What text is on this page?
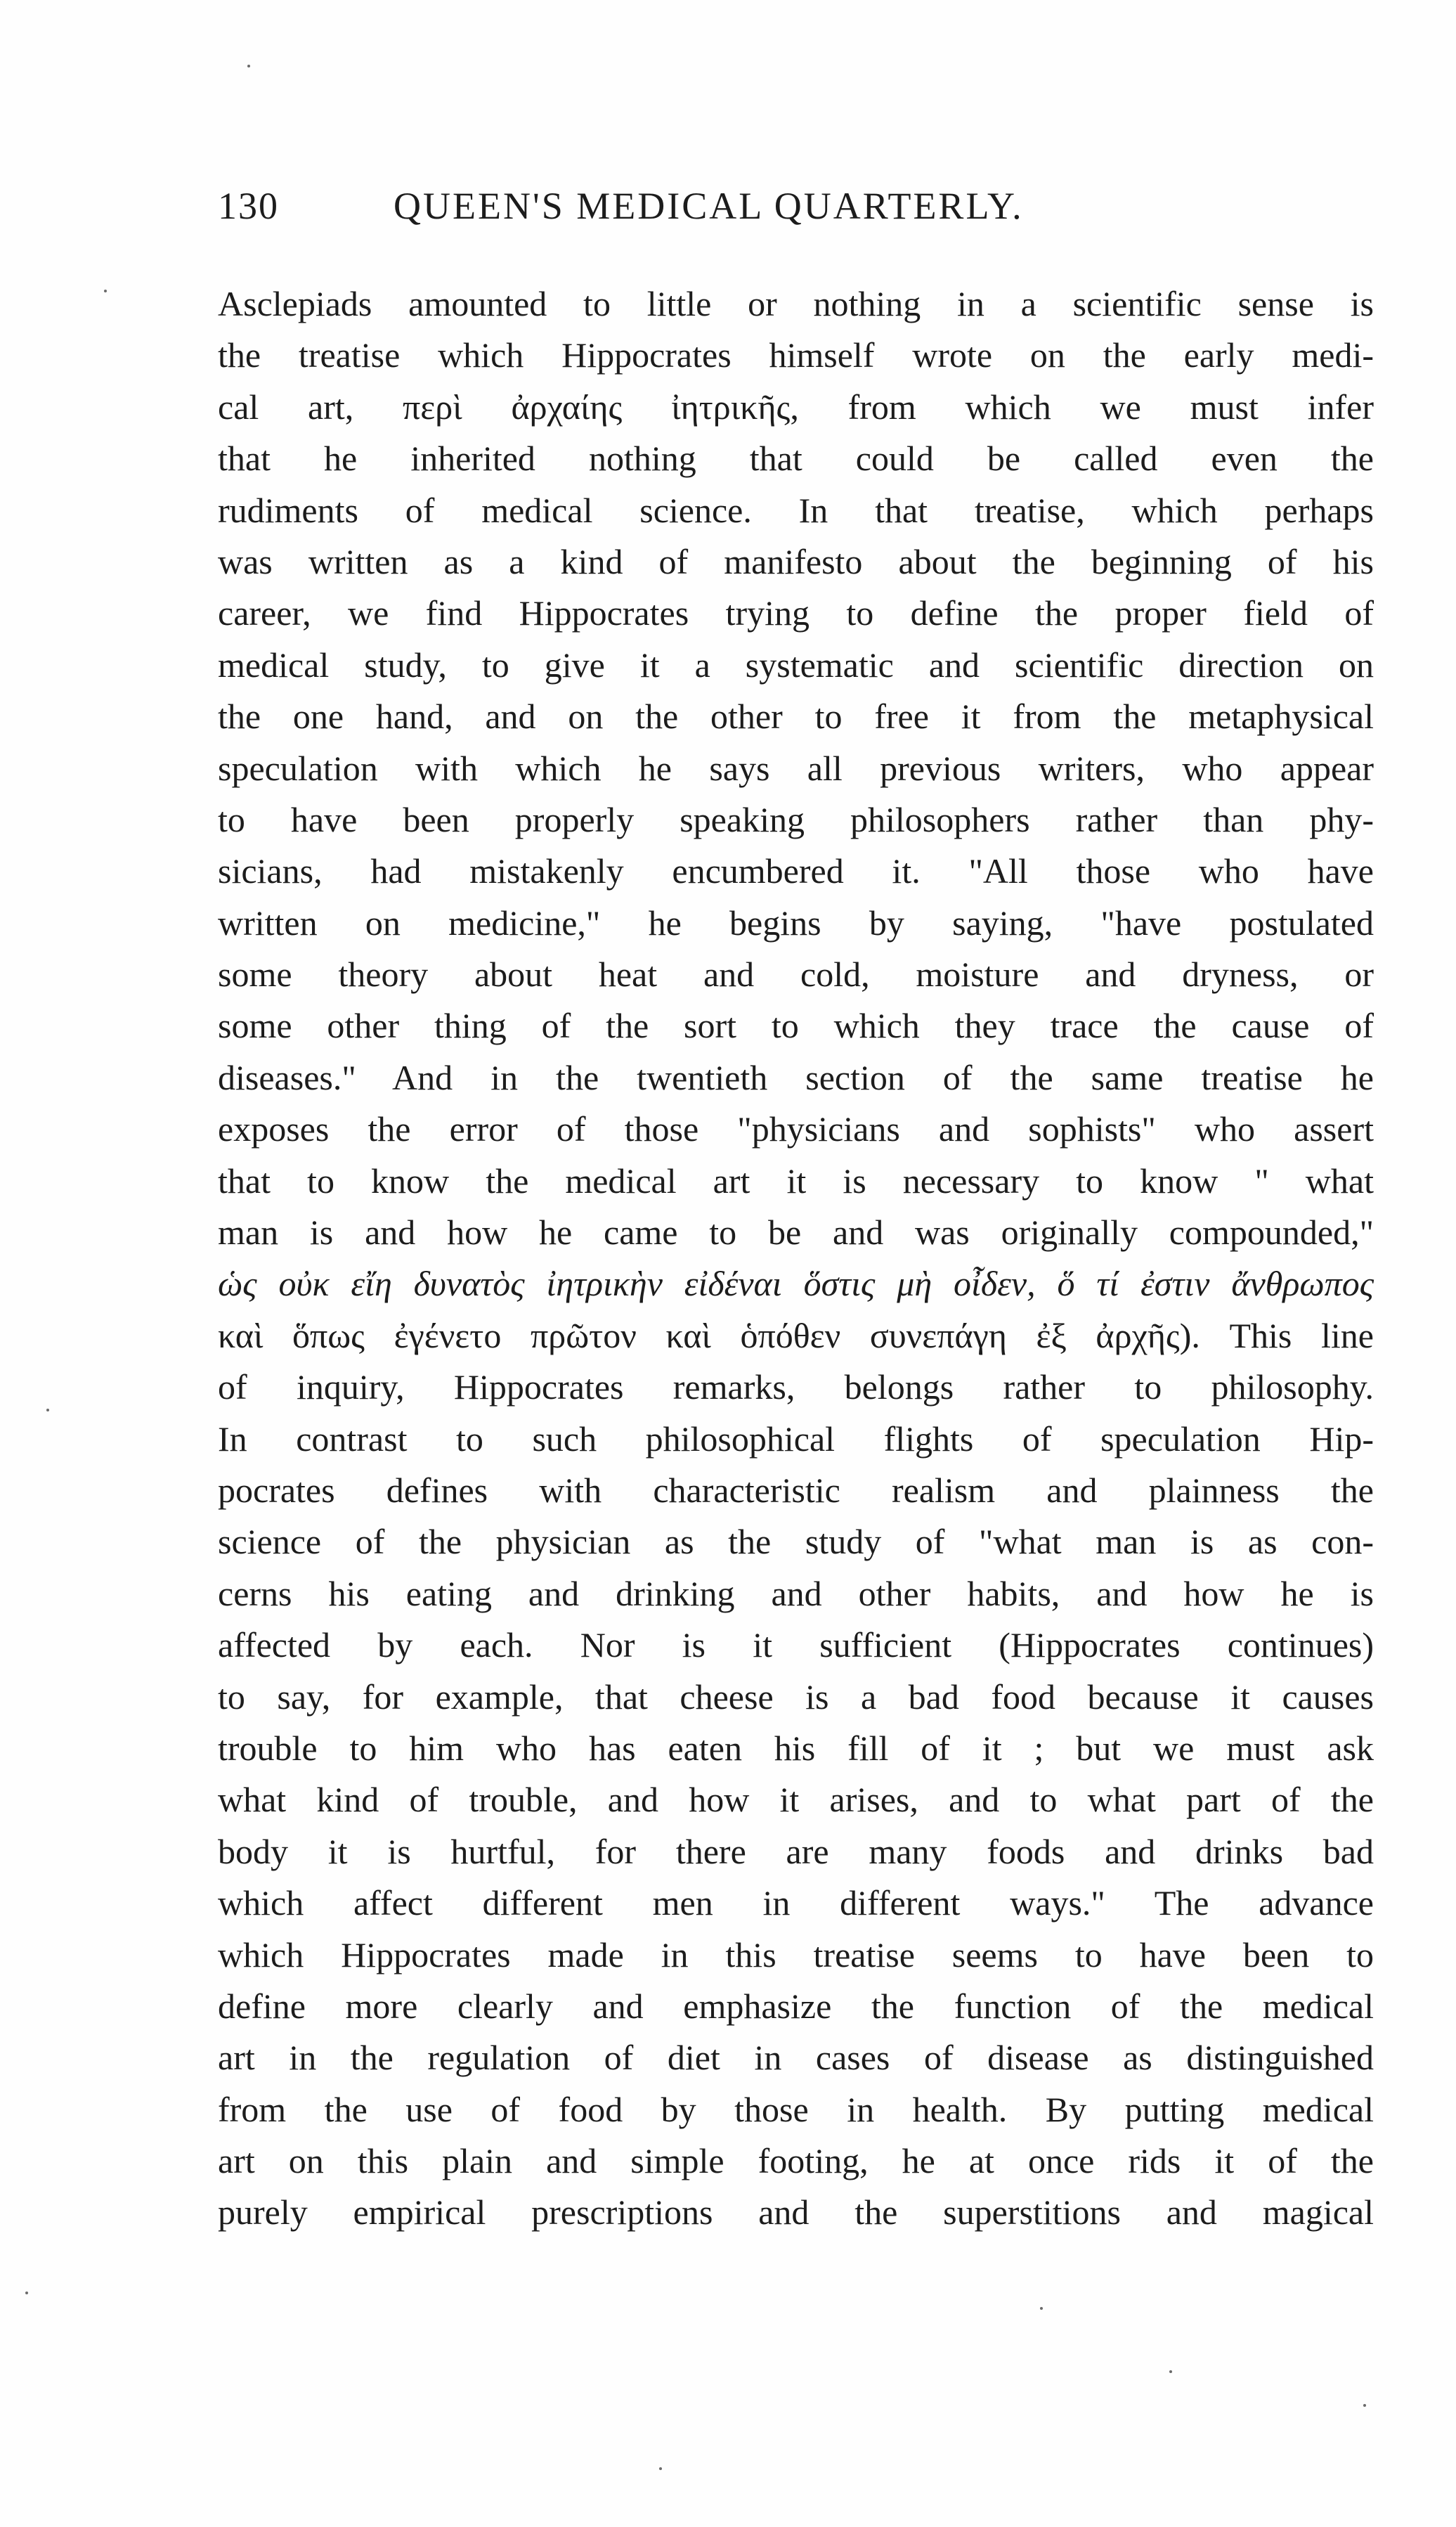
130	QUEEN'S MEDICAL QUARTERLY.
Asclepiads amounted to little or nothing in a scientific sense is
the treatise which Hippocrates himself wrote on the early medi-
cal art, περὶ ἀρχαίης ἰητρικῆς, from which we must infer
that he inherited nothing that could be called even the
rudiments of medical science. In that treatise, which perhaps
was written as a kind of manifesto about the beginning of his
career, we find Hippocrates trying to define the proper field of
medical study, to give it a systematic and scientific direction on
the one hand, and on the other to free it from the metaphysical
speculation with which he says all previous writers, who appear
to have been properly speaking philosophers rather than phy-
sicians, had mistakenly encumbered it. "All those who have
written on medicine," he begins by saying, "have postulated
some theory about heat and cold, moisture and dryness, or
some other thing of the sort to which they trace the cause of
diseases." And in the twentieth section of the same treatise he
exposes the error of those "physicians and sophists" who assert
that to know the medical art it is necessary to know " what
man is and how he came to be and was originally compounded,"
ὡς οὐκ εἴη δυνατὸς ἰητρικὴν εἰδέναι ὅστις μὴ οἶδεν, ὅ τί ἐστιν ἄνθρωπος
καὶ ὅπως ἐγένετο πρῶτον καὶ ὁπόθεν συνεπάγη ἐξ ἀρχῆς). This line
of inquiry, Hippocrates remarks, belongs rather to philosophy.
In contrast to such philosophical flights of speculation Hip-
pocrates defines with characteristic realism and plainness the
science of the physician as the study of "what man is as con-
cerns his eating and drinking and other habits, and how he is
affected by each. Nor is it sufficient (Hippocrates continues)
to say, for example, that cheese is a bad food because it causes
trouble to him who has eaten his fill of it ; but we must ask
what kind of trouble, and how it arises, and to what part of the
body it is hurtful, for there are many foods and drinks bad
which affect different men in different ways." The advance
which Hippocrates made in this treatise seems to have been to
define more clearly and emphasize the function of the medical
art in the regulation of diet in cases of disease as distinguished
from the use of food by those in health. By putting medical
art on this plain and simple footing, he at once rids it of the
purely empirical prescriptions and the superstitions and magical
